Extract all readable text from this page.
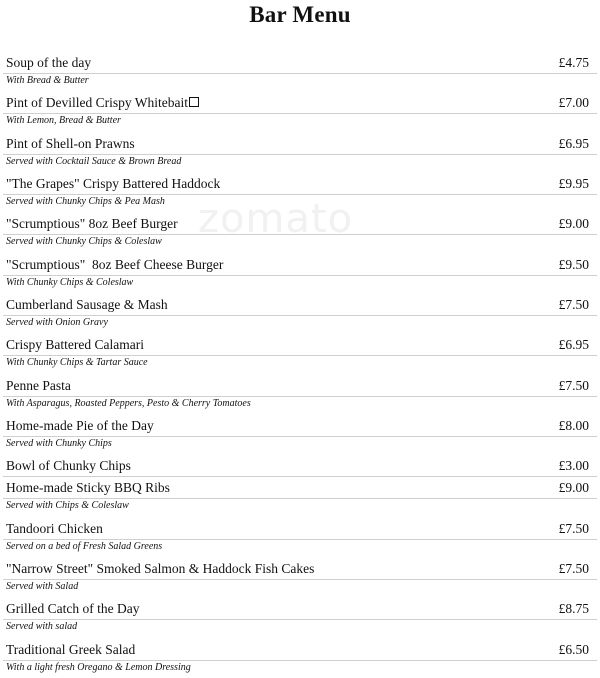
Bar Menu
zomato
Soup of the day	£4.75
With Bread & Butter
Pint of Devilled Crispy Whitebait	£7.00
With Lemon, Bread & Butter
Pint of Shell-on Prawns	£6.95
Served with Cocktail Sauce & Brown Bread
"The Grapes" Crispy Battered Haddock	£9.95
Served with Chunky Chips & Pea Mash
"Scrumptious" 8oz Beef Burger	£9.00
Served with Chunky Chips & Coleslaw
"Scrumptious"  8oz Beef Cheese Burger	£9.50
With Chunky Chips & Coleslaw
Cumberland Sausage & Mash	£7.50
Served with Onion Gravy
Crispy Battered Calamari	£6.95
With Chunky Chips & Tartar Sauce
Penne Pasta	£7.50
With Asparagus, Roasted Peppers, Pesto & Cherry Tomatoes
Home-made Pie of the Day	£8.00
Served with Chunky Chips
Bowl of Chunky Chips	£3.00
Home-made Sticky BBQ Ribs	£9.00
Served with Chips & Coleslaw
Tandoori Chicken	£7.50
Served on a bed of Fresh Salad Greens
"Narrow Street" Smoked Salmon & Haddock Fish Cakes	£7.50
Served with Salad
Grilled Catch of the Day	£8.75
Served with salad
Traditional Greek Salad	£6.50
With a light fresh Oregano & Lemon Dressing
